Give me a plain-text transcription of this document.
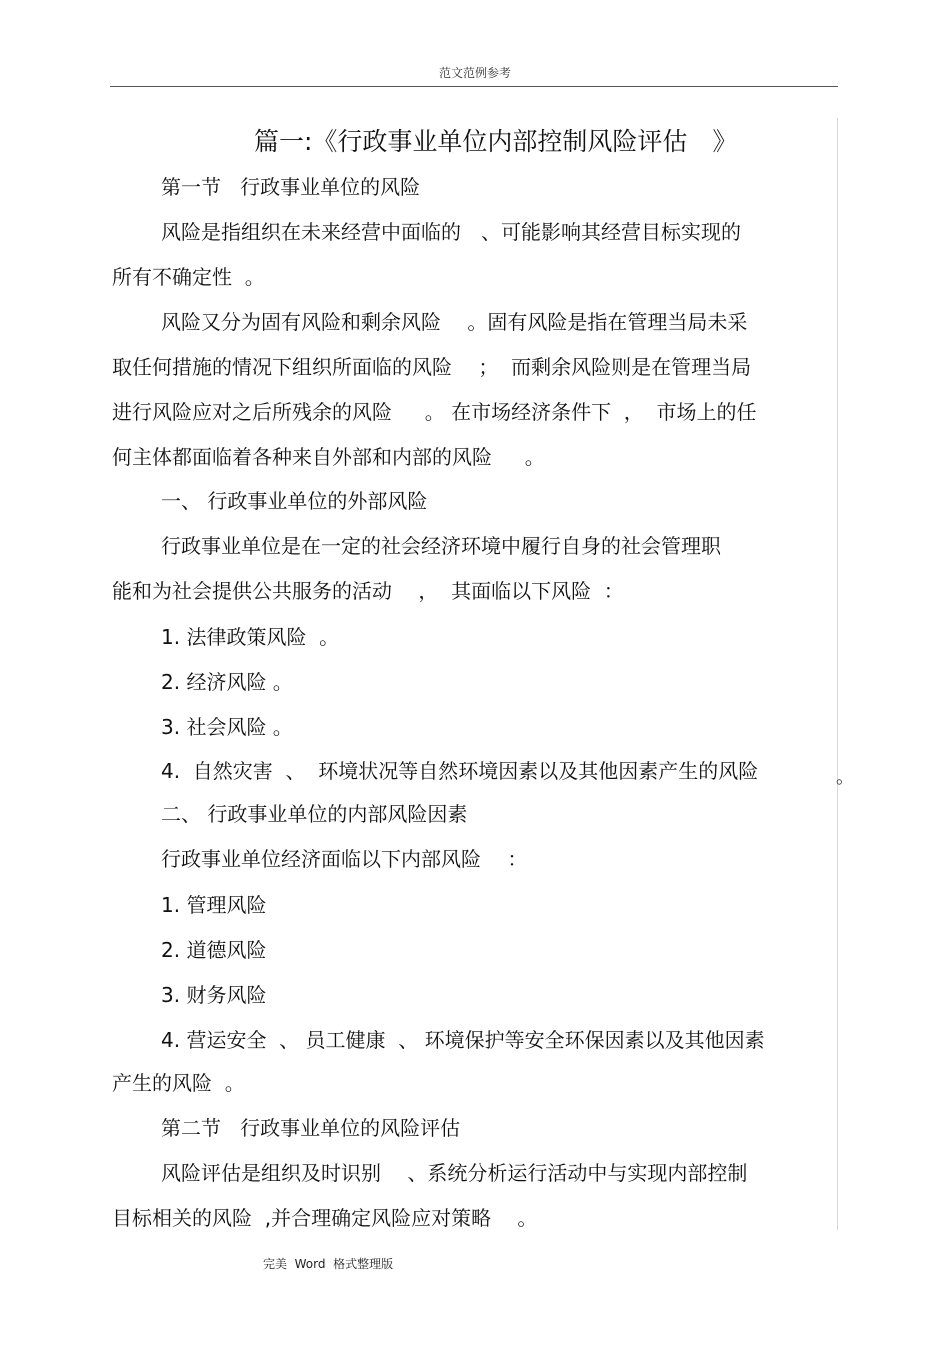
范文范例参考
篇一:《行政事业单位内部控制风险评估　》
第一节   行政事业单位的风险
风险是指组织在未来经营中面临的　、可能影响其经营目标实现的
所有不确定性  。
风险又分为固有风险和剩余风险　 。固有风险是指在管理当局未采
取任何措施的情况下组织所面临的风险　 ；  而剩余风险则是在管理当局
进行风险应对之后所残余的风险　  。 在市场经济条件下  ，  市场上的任
何主体都面临着各种来自外部和内部的风险　  。
一、 行政事业单位的外部风险
行政事业单位是在一定的社会经济环境中履行自身的社会管理职
能和为社会提供公共服务的活动　 ，  其面临以下风险  ：
1. 法律政策风险  。
2. 经济风险 。
3. 社会风险 。
4.  自然灾害  、  环境状况等自然环境因素以及其他因素产生的风险	。
二、 行政事业单位的内部风险因素
行政事业单位经济面临以下内部风险　 ：
1. 管理风险
2. 道德风险
3. 财务风险
4. 营运安全  、 员工健康  、 环境保护等安全环保因素以及其他因素
产生的风险  。
第二节   行政事业单位的风险评估
风险评估是组织及时识别　 、系统分析运行活动中与实现内部控制
目标相关的风险  ,并合理确定风险应对策略　 。
完美  Word  格式整理版
